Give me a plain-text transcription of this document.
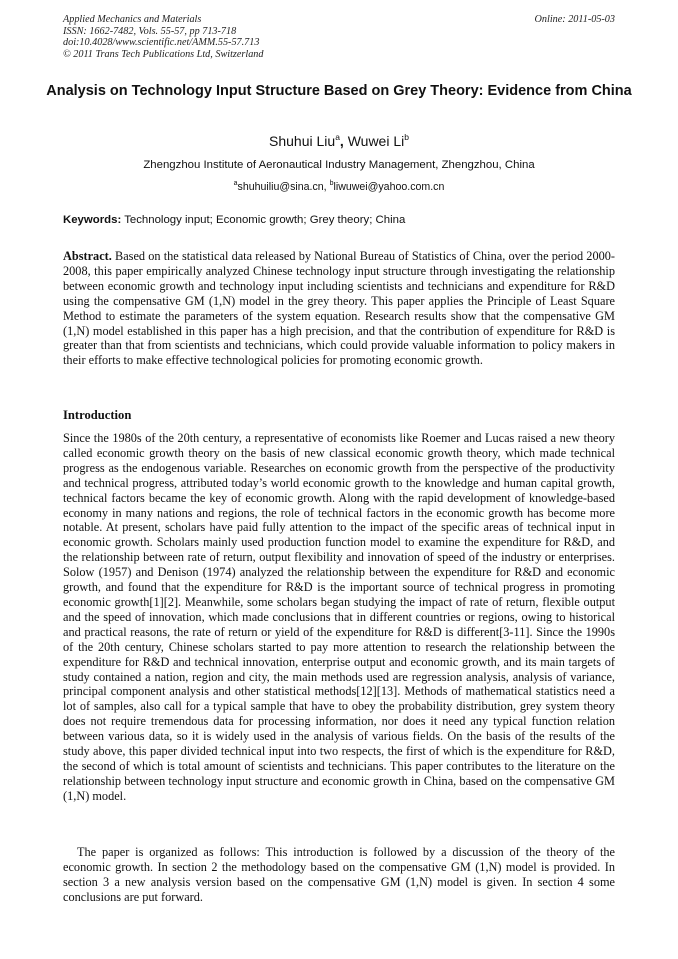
Applied Mechanics and Materials
ISSN: 1662-7482, Vols. 55-57, pp 713-718
doi:10.4028/www.scientific.net/AMM.55-57.713
© 2011 Trans Tech Publications Ltd, Switzerland
Online: 2011-05-03
Analysis on Technology Input Structure Based on Grey Theory: Evidence from China
Shuhui Liu$^a$, Wuwei Li$^b$
Zhengzhou Institute of Aeronautical Industry Management, Zhengzhou, China
$^a$shuhuiliu@sina.cn, $^b$liwuwei@yahoo.com.cn
Keywords: Technology input; Economic growth; Grey theory; China
Abstract. Based on the statistical data released by National Bureau of Statistics of China, over the period 2000-2008, this paper empirically analyzed Chinese technology input structure through investigating the relationship between economic growth and technology input including scientists and technicians and expenditure for R&D using the compensative GM (1,N) model in the grey theory. This paper applies the Principle of Least Square Method to estimate the parameters of the system equation. Research results show that the compensative GM (1,N) model established in this paper has a high precision, and that the contribution of expenditure for R&D is greater than that from scientists and technicians, which could provide valuable information to policy makers in their efforts to make effective technological policies for promoting economic growth.
Introduction
Since the 1980s of the 20th century, a representative of economists like Roemer and Lucas raised a new theory called economic growth theory on the basis of new classical economic growth theory, which made technical progress as the endogenous variable. Researches on economic growth from the perspective of the productivity and technical progress, attributed today’s world economic growth to the knowledge and human capital growth, technical factors became the key of economic growth. Along with the rapid development of knowledge-based economy in many nations and regions, the role of technical factors in the economic growth has become more notable. At present, scholars have paid fully attention to the impact of the specific areas of technical input in economic growth. Scholars mainly used production function model to examine the expenditure for R&D, and the relationship between rate of return, output flexibility and innovation of speed of the industry or enterprises. Solow (1957) and Denison (1974) analyzed the relationship between the expenditure for R&D and economic growth, and found that the expenditure for R&D is the important source of technical progress in promoting economic growth[1][2]. Meanwhile, some scholars began studying the impact of rate of return, flexible output and the speed of innovation, which made conclusions that in different countries or regions, owing to historical and practical reasons, the rate of return or yield of the expenditure for R&D is different[3-11]. Since the 1990s of the 20th century, Chinese scholars started to pay more attention to research the relationship between the expenditure for R&D and technical innovation, enterprise output and economic growth, and its main targets of study contained a nation, region and city, the main methods used are regression analysis, analysis of variance, principal component analysis and other statistical methods[12][13]. Methods of mathematical statistics need a lot of samples, also call for a typical sample that have to obey the probability distribution, grey system theory does not require tremendous data for processing information, nor does it need any typical function relation between various data, so it is widely used in the analysis of various fields. On the basis of the results of the study above, this paper divided technical input into two respects, the first of which is the expenditure for R&D, the second of which is total amount of scientists and technicians. This paper contributes to the literature on the relationship between technology input structure and economic growth in China, based on the compensative GM (1,N) model.
The paper is organized as follows: This introduction is followed by a discussion of the theory of the economic growth. In section 2 the methodology based on the compensative GM (1,N) model is provided. In section 3 a new analysis version based on the compensative GM (1,N) model is given. In section 4 some conclusions are put forward.
